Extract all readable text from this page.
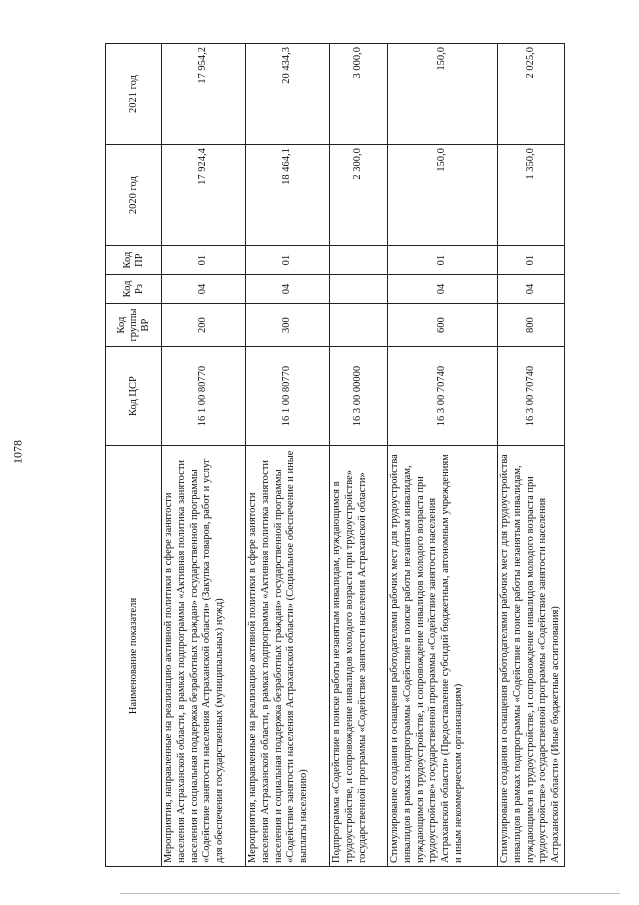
1078
Наименование показателя	Код ЦСР	Код группы ВР	Код Рз	Код ПР	2020 год	2021 год
Мероприятия, направленные на реализацию активной политики в сфере занятости населения Астраханской области, в рамках подпрограммы «Активная политика занятости населения и социальная поддержка безработных граждан» государственной программы «Содействие занятости населения Астраханской области» (Закупка товаров, работ и услуг для обеспечения государственных (муниципальных) нужд)	16 1 00 80770	200	04	01	17 924,4	17 954,2
Мероприятия, направленные на реализацию активной политики в сфере занятости населения Астраханской области, в рамках подпрограммы «Активная политика занятости населения и социальная поддержка безработных граждан» государственной программы «Содействие занятости населения Астраханской области» (Социальное обеспечение и иные выплаты населению)	16 1 00 80770	300	04	01	18 464,1	20 434,3
Подпрограмма «Содействие в поиске работы незанятым инвалидам, нуждающимся в трудоустройстве, и сопровождение инвалидов молодого возраста при трудоустройстве» государственной программы «Содействие занятости населения Астраханской области»	16 3 00 00000				2 300,0	3 000,0
Стимулирование создания и оснащения работодателями рабочих мест для трудоустройства инвалидов в рамках подпрограммы «Содействие в поиске работы незанятым инвалидам, нуждающимся в трудоустройстве, и сопровождение инвалидов молодого возраста при трудоустройстве» государственной программы «Содействие занятости населения Астраханской области» (Предоставление субсидий бюджетным, автономным учреждениям и иным некоммерческим организациям)	16 3 00 70740	600	04	01	150,0	150,0
Стимулирование создания и оснащения работодателями рабочих мест для трудоустройства инвалидов в рамках подпрограммы «Содействие в поиске работы незанятым инвалидам, нуждающимся в трудоустройстве, и сопровождение инвалидов молодого возраста при трудоустройстве» государственной программы «Содействие занятости населения Астраханской области» (Иные бюджетные ассигнования)	16 3 00 70740	800	04	01	1 350,0	2 025,0
